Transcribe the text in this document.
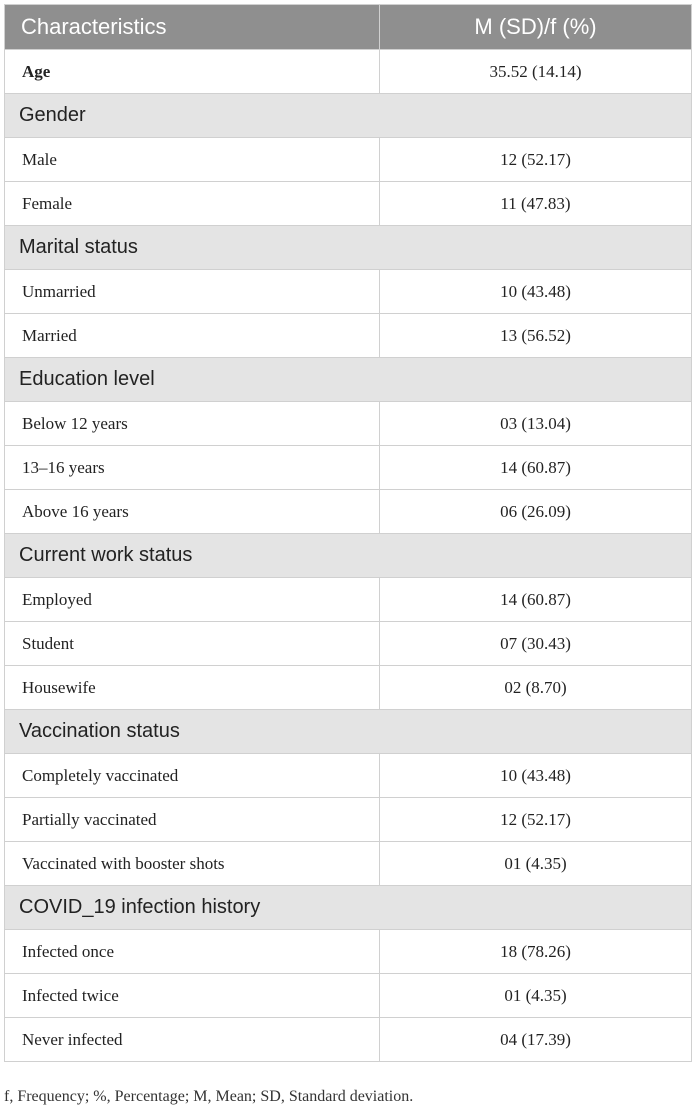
Characteristics	M (SD)/f (%)
Age	35.52 (14.14)
Gender	
Male	12 (52.17)
Female	11 (47.83)
Marital status	
Unmarried	10 (43.48)
Married	13 (56.52)
Education level	
Below 12 years	03 (13.04)
13–16 years	14 (60.87)
Above 16 years	06 (26.09)
Current work status	
Employed	14 (60.87)
Student	07 (30.43)
Housewife	02 (8.70)
Vaccination status	
Completely vaccinated	10 (43.48)
Partially vaccinated	12 (52.17)
Vaccinated with booster shots	01 (4.35)
COVID_19 infection history	
Infected once	18 (78.26)
Infected twice	01 (4.35)
Never infected	04 (17.39)
f, Frequency; %, Percentage; M, Mean; SD, Standard deviation.
